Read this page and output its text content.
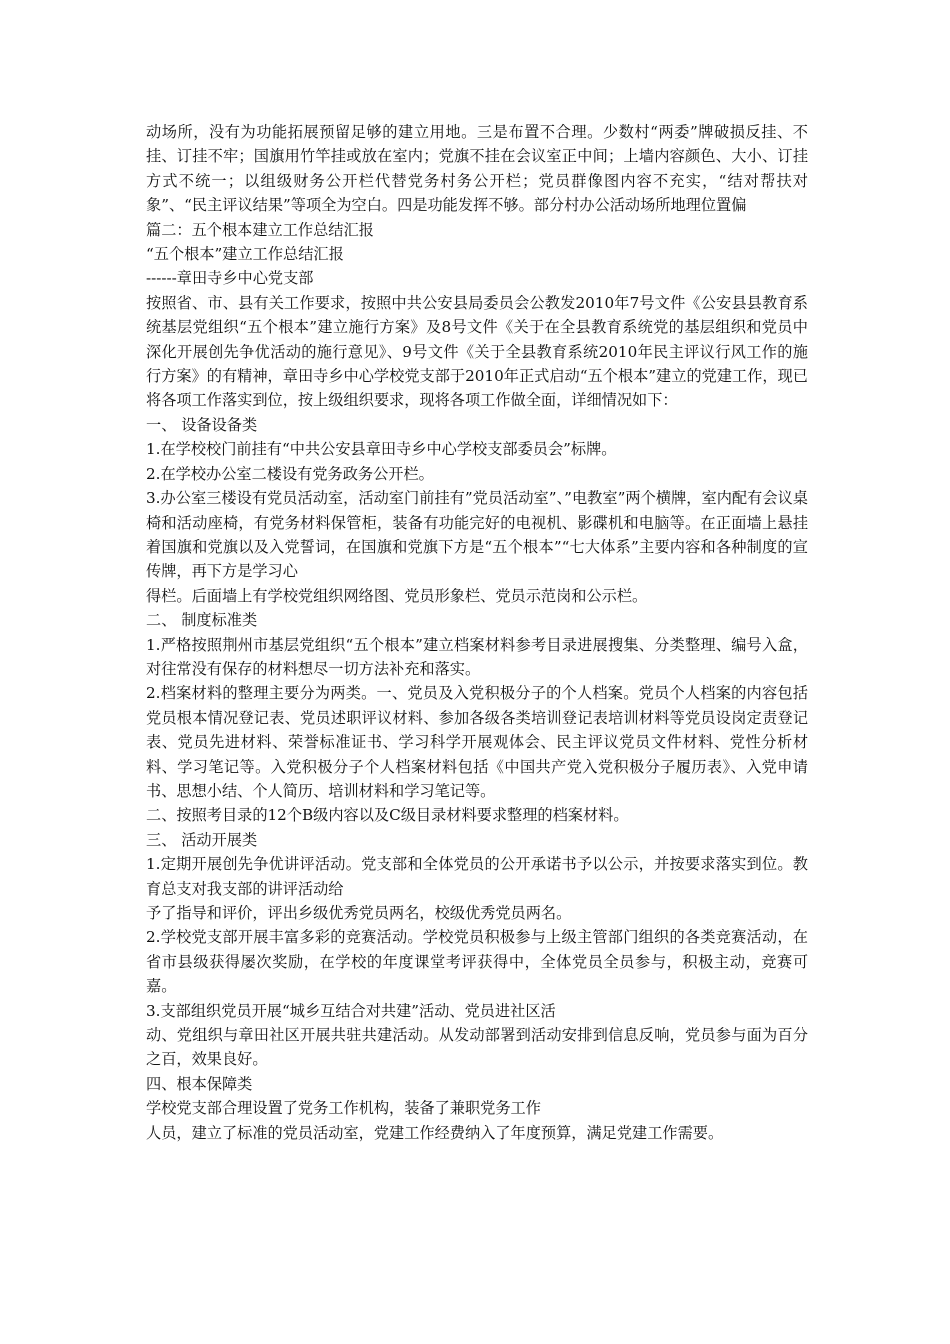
动场所，没有为功能拓展预留足够的建立用地。三是布置不合理。少数村“两委”牌破损反挂、不挂、订挂不牢；国旗用竹竿挂或放在室内；党旗不挂在会议室正中间；上墙内容颜色、大小、订挂方式不统一；以组级财务公开栏代替党务村务公开栏；党员群像图内容不充实，“结对帮扶对象”、“民主评议结果”等项全为空白。四是功能发挥不够。部分村办公活动场所地理位置偏

篇二：五个根本建立工作总结汇报

“五个根本”建立工作总结汇报

------章田寺乡中心党支部

按照省、市、县有关工作要求，按照中共公安县局委员会公教发2010年7号文件《公安县县教育系统基层党组织“五个根本”建立施行方案》及8号文件《关于在全县教育系统党的基层组织和党员中深化开展创先争优活动的施行意见》、9号文件《关于全县教育系统2010年民主评议行风工作的施行方案》的有精神，章田寺乡中心学校党支部于2010年正式启动“五个根本”建立的党建工作，现已将各项工作落实到位，按上级组织要求，现将各项工作做全面，详细情况如下：

一、 设备设备类

1.在学校校门前挂有“中共公安县章田寺乡中心学校支部委员会”标牌。

2.在学校办公室二楼设有党务政务公开栏。

3.办公室三楼设有党员活动室，活动室门前挂有”党员活动室”、”电教室”两个横牌，室内配有会议桌椅和活动座椅，有党务材料保管柜，装备有功能完好的电视机、影碟机和电脑等。在正面墙上悬挂着国旗和党旗以及入党誓词，在国旗和党旗下方是“五个根本”“七大体系”主要内容和各种制度的宣传牌，再下方是学习心

得栏。后面墙上有学校党组织网络图、党员形象栏、党员示范岗和公示栏。

二、 制度标准类

1.严格按照荆州市基层党组织“五个根本”建立档案材料参考目录进展搜集、分类整理、编号入盒，对往常没有保存的材料想尽一切方法补充和落实。

2.档案材料的整理主要分为两类。一、党员及入党积极分子的个人档案。党员个人档案的内容包括党员根本情况登记表、党员述职评议材料、参加各级各类培训登记表培训材料等党员设岗定责登记表、党员先进材料、荣誉标准证书、学习科学开展观体会、民主评议党员文件材料、党性分析材料、学习笔记等。入党积极分子个人档案材料包括《中国共产党入党积极分子履历表》、入党申请书、思想小结、个人简历、培训材料和学习笔记等。

二、按照考目录的12个B级内容以及C级目录材料要求整理的档案材料。

三、 活动开展类

1.定期开展创先争优讲评活动。党支部和全体党员的公开承诺书予以公示，并按要求落实到位。教育总支对我支部的讲评活动给

予了指导和评价，评出乡级优秀党员两名，校级优秀党员两名。

2.学校党支部开展丰富多彩的竞赛活动。学校党员积极参与上级主管部门组织的各类竞赛活动，在省市县级获得屡次奖励，在学校的年度课堂考评获得中，全体党员全员参与，积极主动，竞赛可嘉。

3.支部组织党员开展“城乡互结合对共建”活动、党员进社区活

动、党组织与章田社区开展共驻共建活动。从发动部署到活动安排到信息反响，党员参与面为百分之百，效果良好。

四、根本保障类

学校党支部合理设置了党务工作机构，装备了兼职党务工作

人员，建立了标准的党员活动室，党建工作经费纳入了年度预算，满足党建工作需要。
